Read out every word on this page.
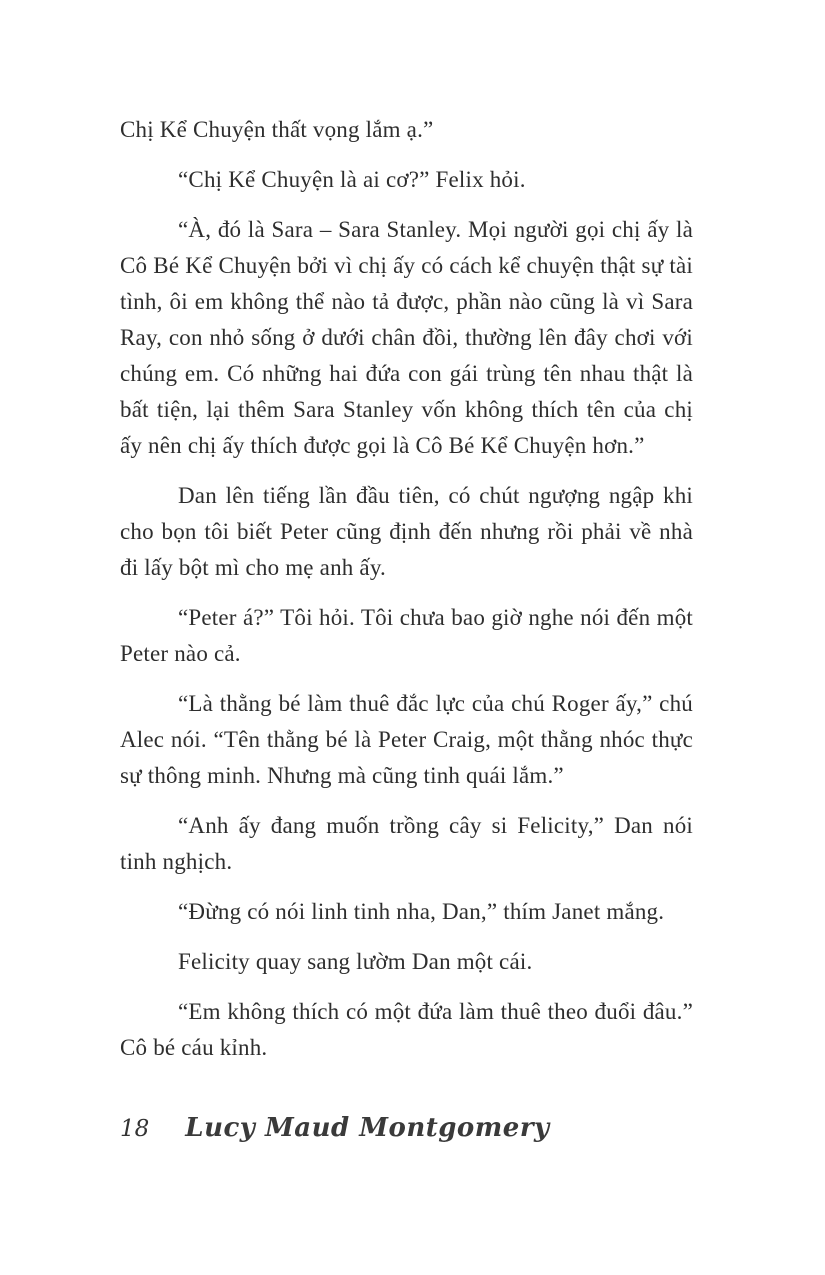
Chị Kể Chuyện thất vọng lắm ạ.”

“Chị Kể Chuyện là ai cơ?” Felix hỏi.

“À, đó là Sara – Sara Stanley. Mọi người gọi chị ấy là Cô Bé Kể Chuyện bởi vì chị ấy có cách kể chuyện thật sự tài tình, ôi em không thể nào tả được, phần nào cũng là vì Sara Ray, con nhỏ sống ở dưới chân đồi, thường lên đây chơi với chúng em. Có những hai đứa con gái trùng tên nhau thật là bất tiện, lại thêm Sara Stanley vốn không thích tên của chị ấy nên chị ấy thích được gọi là Cô Bé Kể Chuyện hơn.”

Dan lên tiếng lần đầu tiên, có chút ngượng ngập khi cho bọn tôi biết Peter cũng định đến nhưng rồi phải về nhà đi lấy bột mì cho mẹ anh ấy.

“Peter á?” Tôi hỏi. Tôi chưa bao giờ nghe nói đến một Peter nào cả.

“Là thằng bé làm thuê đắc lực của chú Roger ấy,” chú Alec nói. “Tên thằng bé là Peter Craig, một thằng nhóc thực sự thông minh. Nhưng mà cũng tinh quái lắm.”

“Anh ấy đang muốn trồng cây si Felicity,” Dan nói tinh nghịch.

“Đừng có nói linh tinh nha, Dan,” thím Janet mắng.

Felicity quay sang lườm Dan một cái.

“Em không thích có một đứa làm thuê theo đuổi đâu.” Cô bé cáu kỉnh.

18 Lucy Maud Montgomery
